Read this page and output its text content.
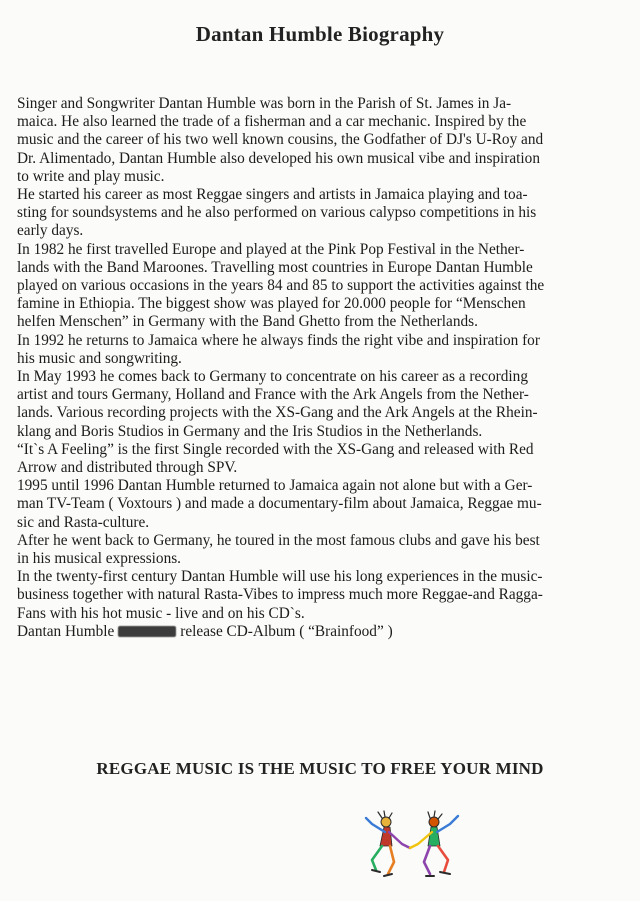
Dantan Humble Biography
Singer and Songwriter Dantan Humble was born in the Parish of St. James in Ja-
maica. He also learned the trade of a fisherman and a car mechanic. Inspired by the
music and the career of his two well known cousins, the Godfather of DJ's U-Roy and
Dr. Alimentado, Dantan Humble also developed his own musical vibe and inspiration
to write and play music.
He started his career as most Reggae singers and artists in Jamaica playing and toa-
sting for soundsystems and he also performed on various calypso competitions in his
early days.
In 1982 he first travelled Europe and played at the Pink Pop Festival in the Nether-
lands with the Band Maroones. Travelling most countries in Europe Dantan Humble
played on various occasions in the years 84 and 85 to support the activities against the
famine in Ethiopia. The biggest show was played for 20.000 people for “Menschen
helfen Menschen” in Germany with the Band Ghetto from the Netherlands.
In 1992 he returns to Jamaica where he always finds the right vibe and inspiration for
his music and songwriting.
In May 1993 he comes back to Germany to concentrate on his career as a recording
artist and tours Germany, Holland and France with the Ark Angels from the Nether-
lands. Various recording projects with the XS-Gang and the Ark Angels at the Rhein-
klang and Boris Studios in Germany and the Iris Studios in the Netherlands.
“It`s A Feeling” is the first Single recorded with the XS-Gang and released with Red
Arrow and distributed through SPV.
1995 until 1996 Dantan Humble returned to Jamaica again not alone but with a Ger-
man TV-Team ( Voxtours ) and made a documentary-film about Jamaica, Reggae mu-
sic and Rasta-culture.
After he went back to Germany, he toured in the most famous clubs and gave his best
in his musical expressions.
In the twenty-first century Dantan Humble will use his long experiences in the music-
business together with natural Rasta-Vibes to impress much more Reggae-and Ragga-
Fans with his hot music - live and on his CD`s.
Dantan Humble	release CD-Album ( “Brainfood” )
REGGAE MUSIC IS THE MUSIC TO FREE YOUR MIND
